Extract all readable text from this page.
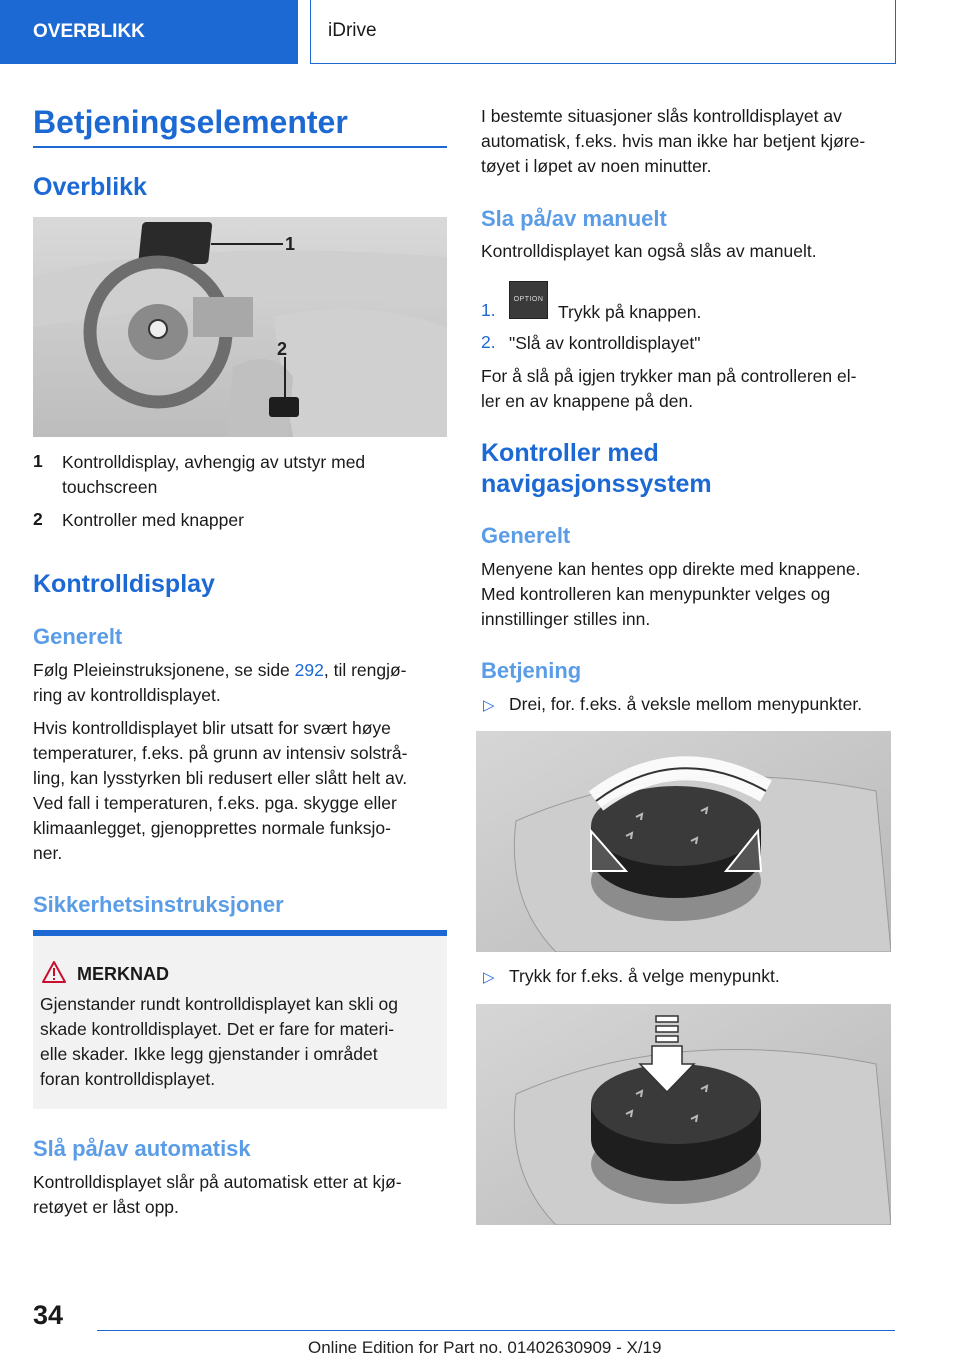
OVERBLIKK	iDrive
Betjeningselementer
Overblikk
1
2
1 Kontrolldisplay, avhengig av utstyr med
touchscreen
2 Kontroller med knapper
Kontrolldisplay
Generelt
Følg Pleieinstruksjonene, se side 292, til rengjø-
ring av kontrolldisplayet.
Hvis kontrolldisplayet blir utsatt for svært høye
temperaturer, f.eks. på grunn av intensiv solstrå-
ling, kan lysstyrken bli redusert eller slått helt av.
Ved fall i temperaturen, f.eks. pga. skygge eller
klimaanlegget, gjenopprettes normale funksjo-
ner.
Sikkerhetsinstruksjoner
MERKNAD
Gjenstander rundt kontrolldisplayet kan skli og
skade kontrolldisplayet. Det er fare for materi-
elle skader. Ikke legg gjenstander i området
foran kontrolldisplayet.
Slå på/av automatisk
Kontrolldisplayet slår på automatisk etter at kjø-
retøyet er låst opp.
I bestemte situasjoner slås kontrolldisplayet av
automatisk, f.eks. hvis man ikke har betjent kjøre-
tøyet i løpet av noen minutter.
Sla på/av manuelt
Kontrolldisplayet kan også slås av manuelt.
1.
OPTION
Trykk på knappen.
2. "Slå av kontrolldisplayet"
For å slå på igjen trykker man på controlleren el-
ler en av knappene på den.
Kontroller med
navigasjonssystem
Generelt
Menyene kan hentes opp direkte med knappene.
Med kontrolleren kan menypunkter velges og
innstillinger stilles inn.
Betjening
▷ Drei, for. f.eks. å veksle mellom menypunkter.
▷ Trykk for f.eks. å velge menypunkt.
34
Online Edition for Part no. 01402630909 - X/19
